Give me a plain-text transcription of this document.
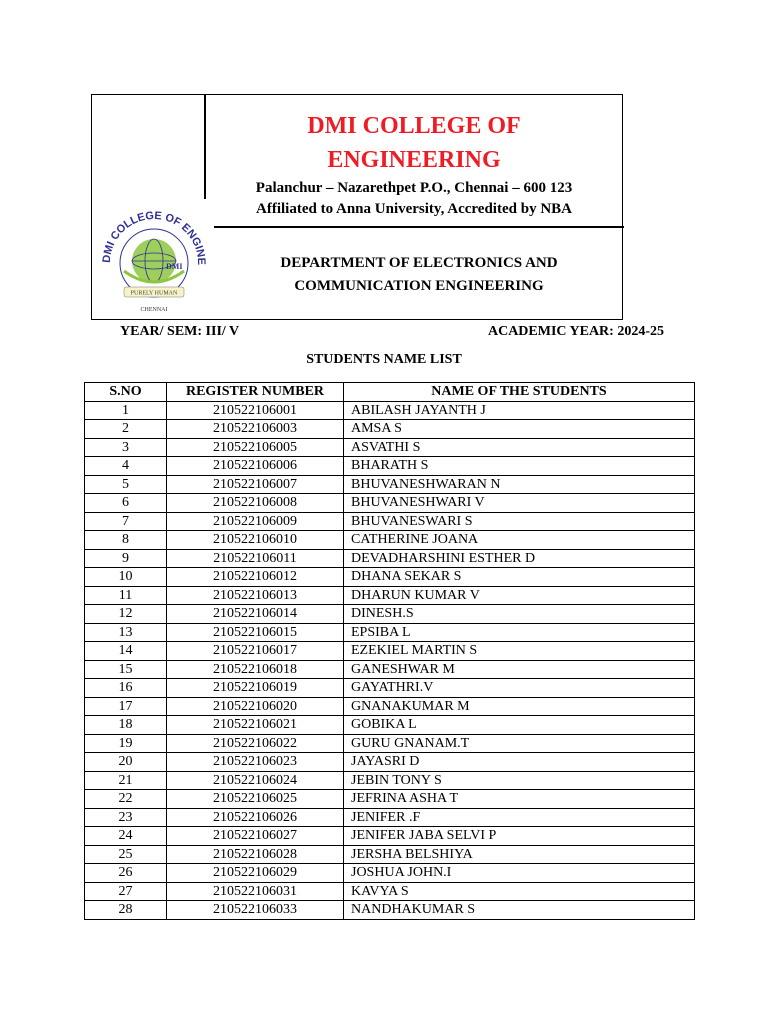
DMI COLLEGE OF ENGINE
DMI
PURELY HUMAN
CHENNAI
DMI COLLEGE OF
ENGINEERING
Palanchur – Nazarethpet P.O., Chennai – 600 123
Affiliated to Anna University, Accredited by NBA
DEPARTMENT OF ELECTRONICS AND
COMMUNICATION ENGINEERING
YEAR/ SEM: III/ V	ACADEMIC YEAR: 2024-25
STUDENTS NAME LIST
S.NO	REGISTER NUMBER	NAME OF THE STUDENTS
1	210522106001	ABILASH JAYANTH J
2	210522106003	AMSA S
3	210522106005	ASVATHI S
4	210522106006	BHARATH S
5	210522106007	BHUVANESHWARAN N
6	210522106008	BHUVANESHWARI V
7	210522106009	BHUVANESWARI S
8	210522106010	CATHERINE JOANA
9	210522106011	DEVADHARSHINI ESTHER D
10	210522106012	DHANA SEKAR S
11	210522106013	DHARUN KUMAR V
12	210522106014	DINESH.S
13	210522106015	EPSIBA L
14	210522106017	EZEKIEL MARTIN S
15	210522106018	GANESHWAR M
16	210522106019	GAYATHRI.V
17	210522106020	GNANAKUMAR M
18	210522106021	GOBIKA L
19	210522106022	GURU GNANAM.T
20	210522106023	JAYASRI D
21	210522106024	JEBIN TONY S
22	210522106025	JEFRINA ASHA T
23	210522106026	JENIFER .F
24	210522106027	JENIFER JABA SELVI P
25	210522106028	JERSHA BELSHIYA
26	210522106029	JOSHUA JOHN.I
27	210522106031	KAVYA S
28	210522106033	NANDHAKUMAR S
